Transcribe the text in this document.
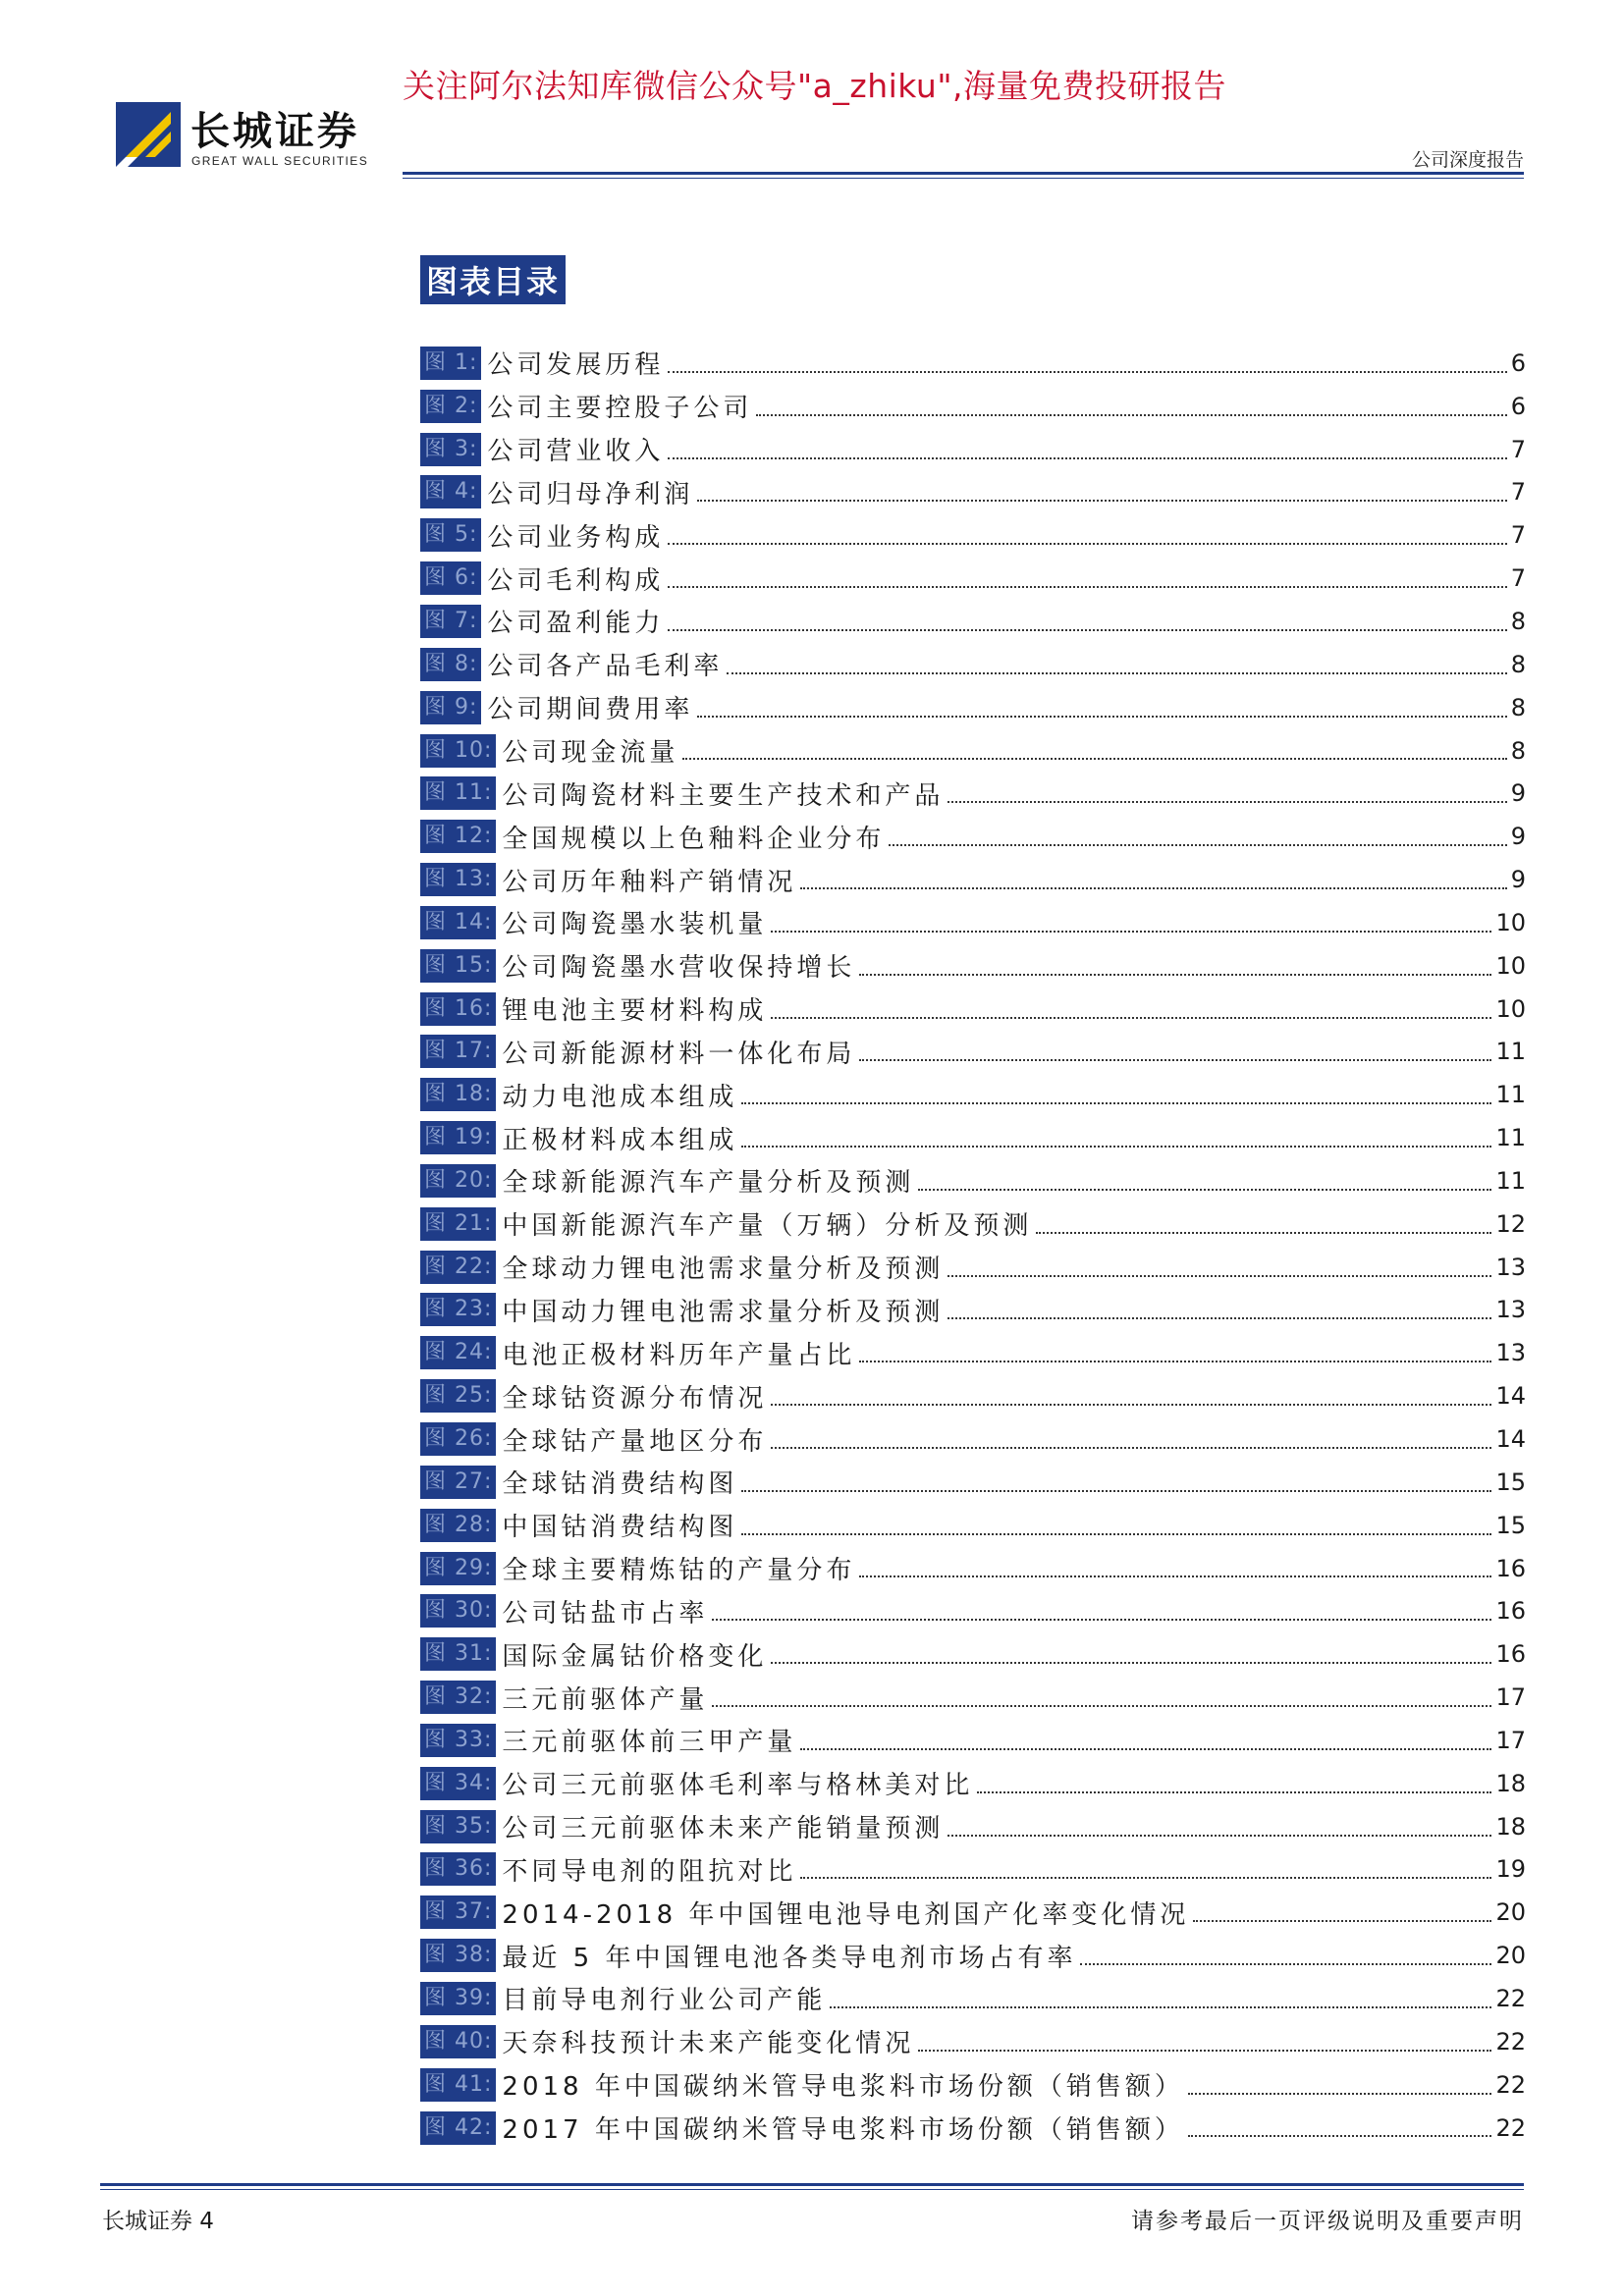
关注阿尔法知库微信公众号"a_zhiku",海量免费投研报告
长城证券
GREAT WALL SECURITIES	公司深度报告
图表目录
图 1: 公司发展历程	6
图 2: 公司主要控股子公司	6
图 3: 公司营业收入	7
图 4: 公司归母净利润	7
图 5: 公司业务构成	7
图 6: 公司毛利构成	7
图 7: 公司盈利能力	8
图 8: 公司各产品毛利率	8
图 9: 公司期间费用率	8
图 10: 公司现金流量	8
图 11: 公司陶瓷材料主要生产技术和产品	9
图 12: 全国规模以上色釉料企业分布	9
图 13: 公司历年釉料产销情况	9
图 14: 公司陶瓷墨水装机量	10
图 15: 公司陶瓷墨水营收保持增长	10
图 16: 锂电池主要材料构成	10
图 17: 公司新能源材料一体化布局	11
图 18: 动力电池成本组成	11
图 19: 正极材料成本组成	11
图 20: 全球新能源汽车产量分析及预测	11
图 21: 中国新能源汽车产量（万辆）分析及预测	12
图 22: 全球动力锂电池需求量分析及预测	13
图 23: 中国动力锂电池需求量分析及预测	13
图 24: 电池正极材料历年产量占比	13
图 25: 全球钴资源分布情况	14
图 26: 全球钴产量地区分布	14
图 27: 全球钴消费结构图	15
图 28: 中国钴消费结构图	15
图 29: 全球主要精炼钴的产量分布	16
图 30: 公司钴盐市占率	16
图 31: 国际金属钴价格变化	16
图 32: 三元前驱体产量	17
图 33: 三元前驱体前三甲产量	17
图 34: 公司三元前驱体毛利率与格林美对比	18
图 35: 公司三元前驱体未来产能销量预测	18
图 36: 不同导电剂的阻抗对比	19
图 37: 2014-2018 年中国锂电池导电剂国产化率变化情况	20
图 38: 最近 5 年中国锂电池各类导电剂市场占有率	20
图 39: 目前导电剂行业公司产能	22
图 40: 天奈科技预计未来产能变化情况	22
图 41: 2018 年中国碳纳米管导电浆料市场份额（销售额）	22
图 42: 2017 年中国碳纳米管导电浆料市场份额（销售额）	22
长城证券 4	请参考最后一页评级说明及重要声明
